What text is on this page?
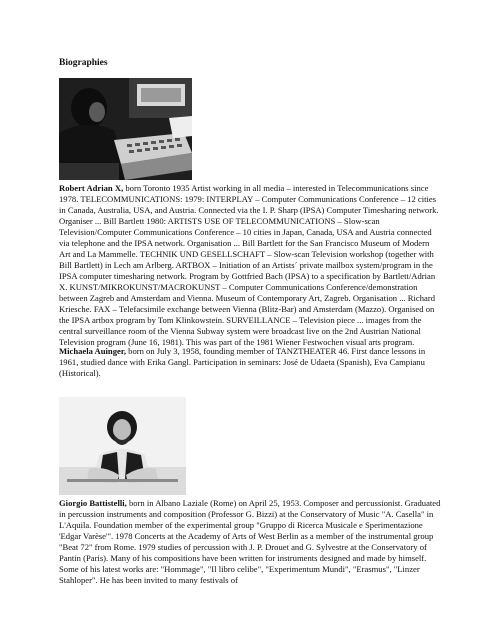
Biographies

Robert Adrian X, born Toronto 1935 Artist working in all media – interested in Telecommunications since 1978. TELECOMMUNICATIONS: 1979: INTERPLAY – Computer Communications Conference – 12 cities in Canada, Australia, USA, and Austria. Connected via the I. P. Sharp (IPSA) Computer Timesharing network. Organiser ... Bill Bartlett 1980: ARTISTS USE OF TELECOMMUNICATIONS – Slow-scan Television/Computer Communications Conference – 10 cities in Japan, Canada, USA and Austria connected via telephone and the IPSA network. Organisation ... Bill Bartlett for the San Francisco Museum of Modern Art and La Mammelle. TECHNIK UND GESELLSCHAFT – Slow-scan Television workshop (together with Bill Bartlett) in Lech am Arlberg. ARTBOX – Initiation of an Artists´ private mailbox system/program in the IPSA computer timesharing network. Program by Gottfried Bach (IPSA) to a specification by Bartlett/Adrian X. KUNST/MIKROKUNST/MACROKUNST – Computer Communications Conference/demonstration between Zagreb and Amsterdam and Vienna. Museum of Contemporary Art, Zagreb. Organisation ... Richard Kriesche. FAX – Telefacsimile exchange between Vienna (Blitz-Bar) and Amsterdam (Mazzo). Organised on the IPSA artbox program by Tom Klinkowstein. SURVEILLANCE – Television piece ... images from the central surveillance room of the Vienna Subway system were broadcast live on the 2nd Austrian National Television program (June 16, 1981). This was part of the 1981 Wiener Festwochen visual arts program.

Michaela Auinger, born on July 3, 1958, founding member of TANZTHEATER 46. First dance lessons in 1961, studied dance with Erika Gangl. Participation in seminars: José de Udaeta (Spanish), Eva Campianu (Historical).

Giorgio Battistelli, born in Albano Laziale (Rome) on April 25, 1953. Composer and percussionist. Graduated in percussion instruments and composition (Professor G. Bizzi) at the Conservatory of Music "A. Casella" in L'Aquila. Foundation member of the experimental group "Gruppo di Ricerca Musicale e Sperimentazione 'Edgar Varèse'". 1978 Concerts at the Academy of Arts of West Berlin as a member of the instrumental group "Beat 72" from Rome. 1979 studies of percussion with J. P. Drouet and G. Sylvestre at the Conservatory of Pantin (Paris). Many of his compositions have been written for instruments designed and made by himself. Some of his latest works are: "Hommage", "Il libro celibe", "Experimentum Mundi", "Erasmus", "Linzer Stahloper". He has been invited to many festivals of
